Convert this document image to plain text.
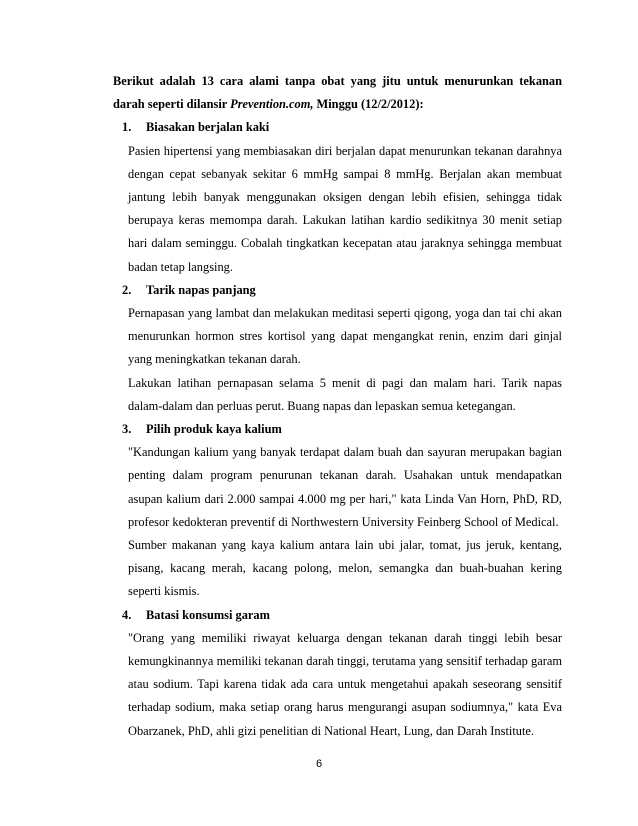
Berikut adalah 13 cara alami tanpa obat yang jitu untuk menurunkan tekanan darah seperti dilansir Prevention.com, Minggu (12/2/2012):

1. Biasakan berjalan kaki

Pasien hipertensi yang membiasakan diri berjalan dapat menurunkan tekanan darahnya dengan cepat sebanyak sekitar 6 mmHg sampai 8 mmHg. Berjalan akan membuat jantung lebih banyak menggunakan oksigen dengan lebih efisien, sehingga tidak berupaya keras memompa darah. Lakukan latihan kardio sedikitnya 30 menit setiap hari dalam seminggu. Cobalah tingkatkan kecepatan atau jaraknya sehingga membuat badan tetap langsing.

2. Tarik napas panjang

Pernapasan yang lambat dan melakukan meditasi seperti qigong, yoga dan tai chi akan menurunkan hormon stres kortisol yang dapat mengangkat renin, enzim dari ginjal yang meningkatkan tekanan darah.

Lakukan latihan pernapasan selama 5 menit di pagi dan malam hari. Tarik napas dalam-dalam dan perluas perut. Buang napas dan lepaskan semua ketegangan.

3. Pilih produk kaya kalium

"Kandungan kalium yang banyak terdapat dalam buah dan sayuran merupakan bagian penting dalam program penurunan tekanan darah. Usahakan untuk mendapatkan asupan kalium dari 2.000 sampai 4.000 mg per hari," kata Linda Van Horn, PhD, RD, profesor kedokteran preventif di Northwestern University Feinberg School of Medical.

Sumber makanan yang kaya kalium antara lain ubi jalar, tomat, jus jeruk, kentang, pisang, kacang merah, kacang polong, melon, semangka dan buah-buahan kering seperti kismis.

4. Batasi konsumsi garam

"Orang yang memiliki riwayat keluarga dengan tekanan darah tinggi lebih besar kemungkinannya memiliki tekanan darah tinggi, terutama yang sensitif terhadap garam atau sodium. Tapi karena tidak ada cara untuk mengetahui apakah seseorang sensitif terhadap sodium, maka setiap orang harus mengurangi asupan sodiumnya," kata Eva Obarzanek, PhD, ahli gizi penelitian di National Heart, Lung, dan Darah Institute.

6
